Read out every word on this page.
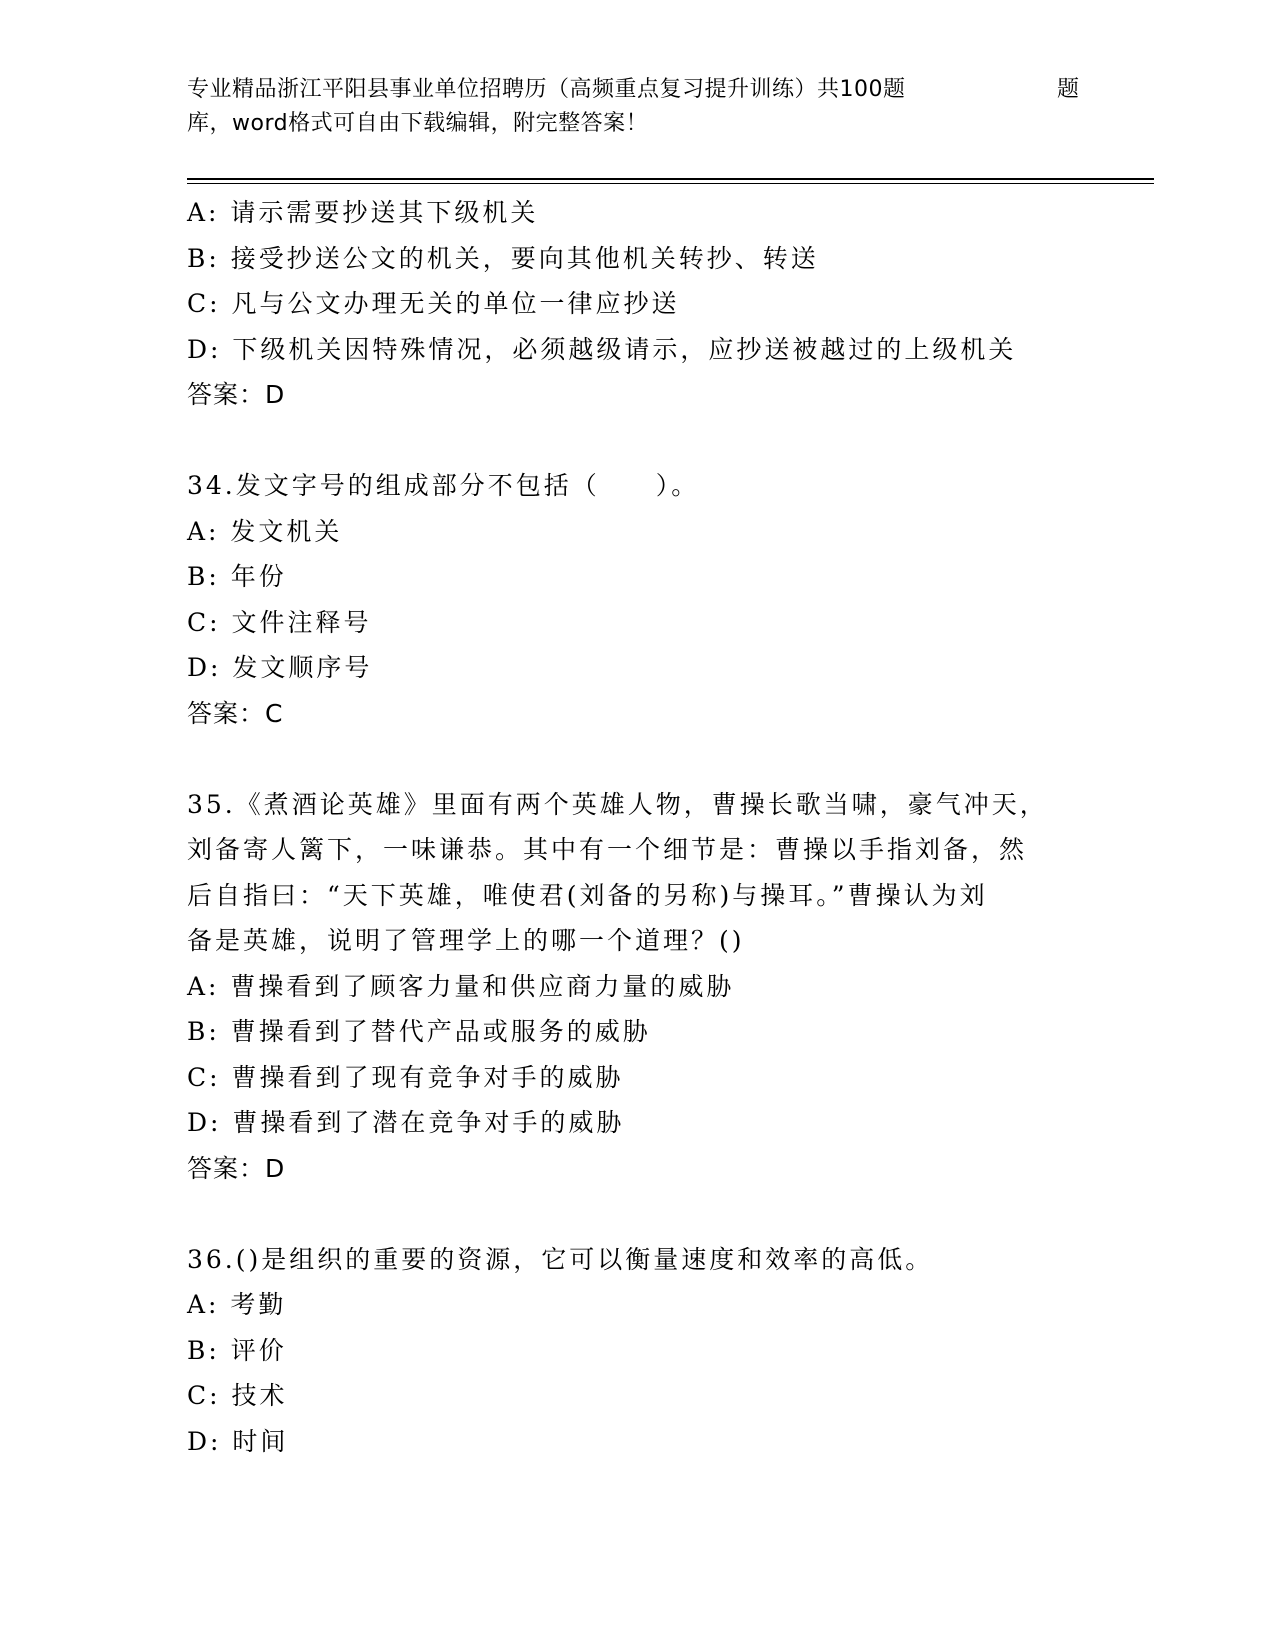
专业精品浙江平阳县事业单位招聘历（高频重点复习提升训练）共100题	题
库，word格式可自由下载编辑，附完整答案！
A: 请示需要抄送其下级机关
B: 接受抄送公文的机关，要向其他机关转抄、转送
C: 凡与公文办理无关的单位一律应抄送
D: 下级机关因特殊情况，必须越级请示，应抄送被越过的上级机关
答案：D
34.发文字号的组成部分不包括（　　）。
A: 发文机关
B: 年份
C: 文件注释号
D: 发文顺序号
答案：C
35.《煮酒论英雄》里面有两个英雄人物，曹操长歌当啸，豪气冲天，
刘备寄人篱下，一味谦恭。其中有一个细节是：曹操以手指刘备，然
后自指曰：“天下英雄，唯使君(刘备的另称)与操耳。”曹操认为刘
备是英雄，说明了管理学上的哪一个道理？()
A: 曹操看到了顾客力量和供应商力量的威胁
B: 曹操看到了替代产品或服务的威胁
C: 曹操看到了现有竞争对手的威胁
D: 曹操看到了潜在竞争对手的威胁
答案：D
36.()是组织的重要的资源，它可以衡量速度和效率的高低。
A: 考勤
B: 评价
C: 技术
D: 时间
